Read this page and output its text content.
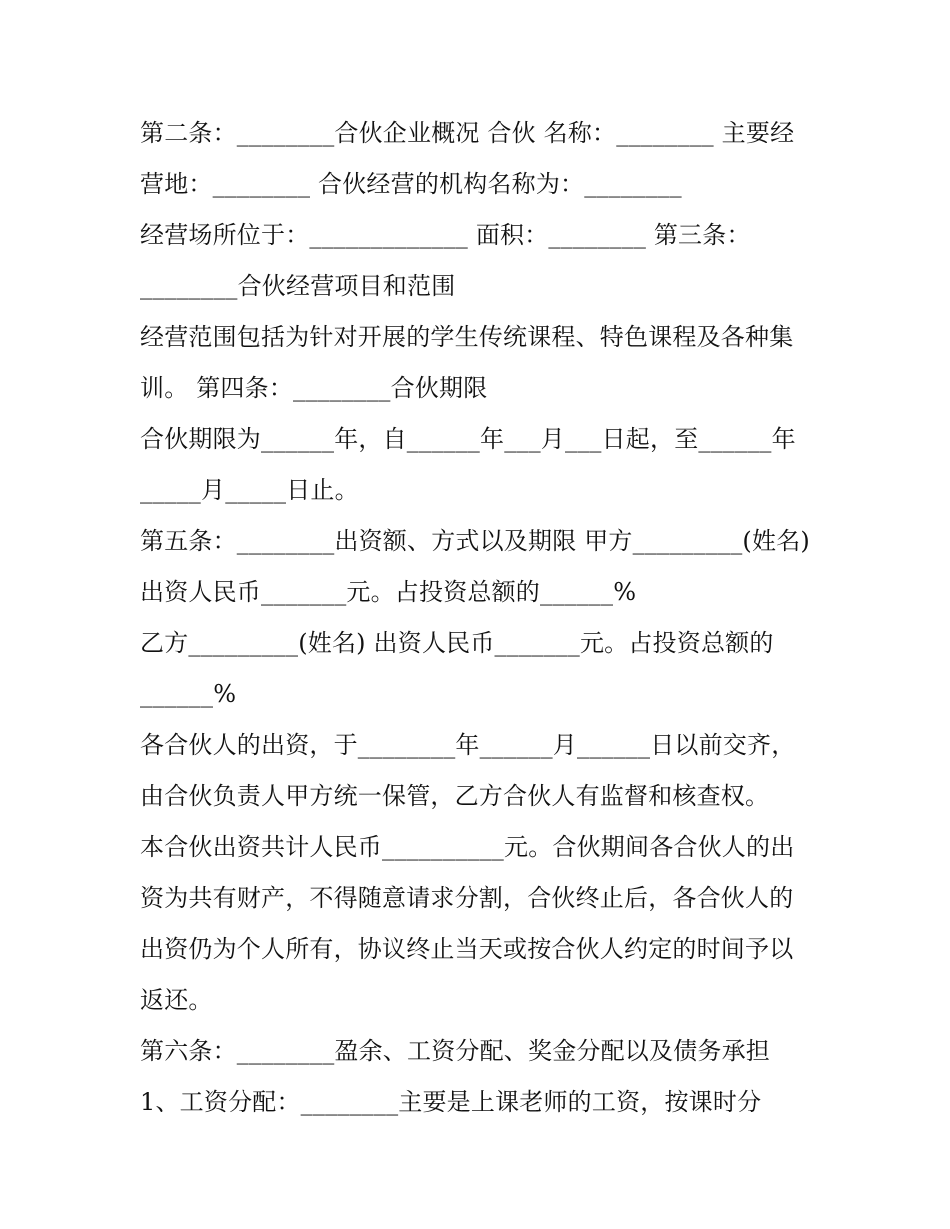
第二条：________合伙企业概况 合伙 名称：________ 主要经
营地：________ 合伙经营的机构名称为：________
经营场所位于：_____________ 面积：________ 第三条：
________合伙经营项目和范围
经营范围包括为针对开展的学生传统课程、特色课程及各种集
训。 第四条：________合伙期限
合伙期限为______年，自______年___月___日起，至______年
_____月_____日止。
第五条：________出资额、方式以及期限 甲方_________(姓名)
出资人民币_______元。占投资总额的______%
乙方_________(姓名) 出资人民币_______元。占投资总额的
______%
各合伙人的出资，于________年______月______日以前交齐，
由合伙负责人甲方统一保管，乙方合伙人有监督和核查权。
本合伙出资共计人民币__________元。合伙期间各合伙人的出
资为共有财产，不得随意请求分割，合伙终止后，各合伙人的
出资仍为个人所有，协议终止当天或按合伙人约定的时间予以
返还。
第六条：________盈余、工资分配、奖金分配以及债务承担
1、工资分配：________主要是上课老师的工资，按课时分
